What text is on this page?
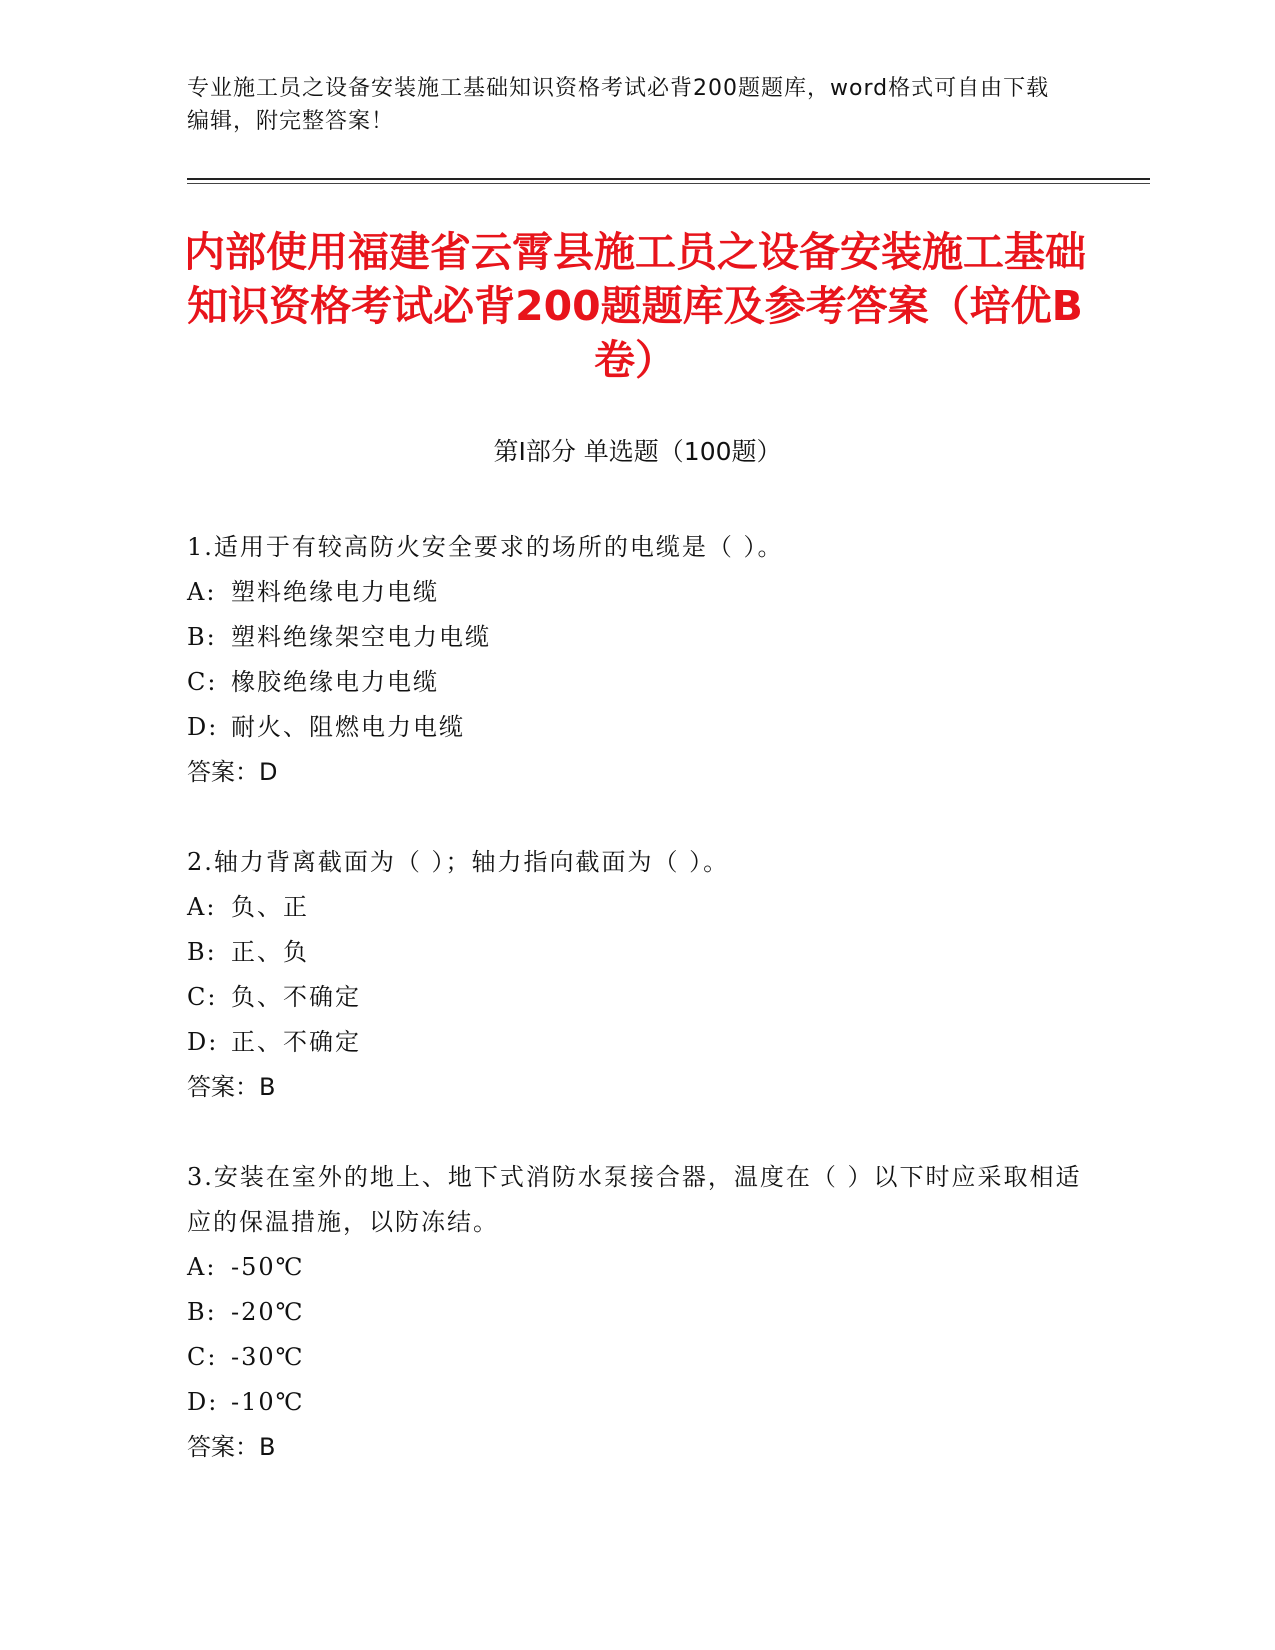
专业施工员之设备安装施工基础知识资格考试必背200题题库，word格式可自由下载编辑，附完整答案！
内部使用福建省云霄县施工员之设备安装施工基础知识资格考试必背200题题库及参考答案（培优B卷）
第I部分 单选题（100题）
1.适用于有较高防火安全要求的场所的电缆是（ ）。
A: 塑料绝缘电力电缆
B: 塑料绝缘架空电力电缆
C: 橡胶绝缘电力电缆
D: 耐火、阻燃电力电缆
答案：D
2.轴力背离截面为（ ）；轴力指向截面为（ ）。
A: 负、正
B: 正、负
C: 负、不确定
D: 正、不确定
答案：B
3.安装在室外的地上、地下式消防水泵接合器，温度在（ ）以下时应采取相适应的保温措施，以防冻结。
A: -50℃
B: -20℃
C: -30℃
D: -10℃
答案：B
